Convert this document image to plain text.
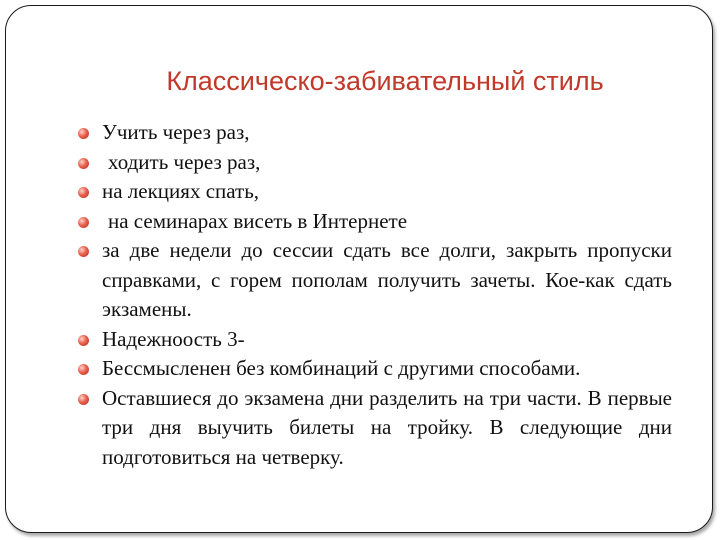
Классическо-забивательный стиль
Учить через раз,
ходить через раз,
на лекциях спать,
на семинарах висеть в Интернете
за две недели до сессии сдать все долги, закрыть пропуски справками, с горем пополам получить зачеты. Кое-как сдать экзамены.
Надежноость 3-
Бессмысленен без комбинаций с другими способами.
Оставшиеся до экзамена дни разделить на три части. В первые три дня выучить билеты на тройку. В следующие дни подготовиться на четверку.
